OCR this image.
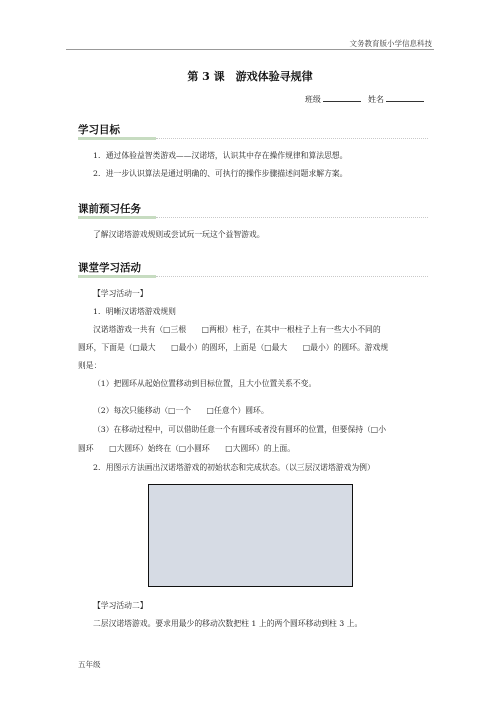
文务教育版小学信息科技
第 3 课　游戏体验寻规律
班级	姓名
学习目标
1．通过体验益智类游戏——汉诺塔，认识其中存在操作规律和算法思想。
2．进一步认识算法是通过明确的、可执行的操作步骤描述问题求解方案。
课前预习任务
了解汉诺塔游戏规则或尝试玩一玩这个益智游戏。
课堂学习活动
【学习活动一】
1．明晰汉诺塔游戏规则
汉诺塔游戏一共有（□三根　　□两根）柱子，在其中一根柱子上有一些大小不同的
圆环，下面是（□最大　　□最小）的圆环，上面是（□最大　　□最小）的圆环。游戏规
则是：
（1）把圆环从起始位置移动到目标位置，且大小位置关系不变。
（2）每次只能移动（□一个　　□任意个）圆环。
（3）在移动过程中，可以借助任意一个有圆环或者没有圆环的位置，但要保持（□小
圆环　　□大圆环）始终在（□小圆环　　□大圆环）的上面。
2．用图示方法画出汉诺塔游戏的初始状态和完成状态。（以三层汉诺塔游戏为例）
【学习活动二】
二层汉诺塔游戏。要求用最少的移动次数把柱 1 上的两个圆环移动到柱 3 上。
五年级
